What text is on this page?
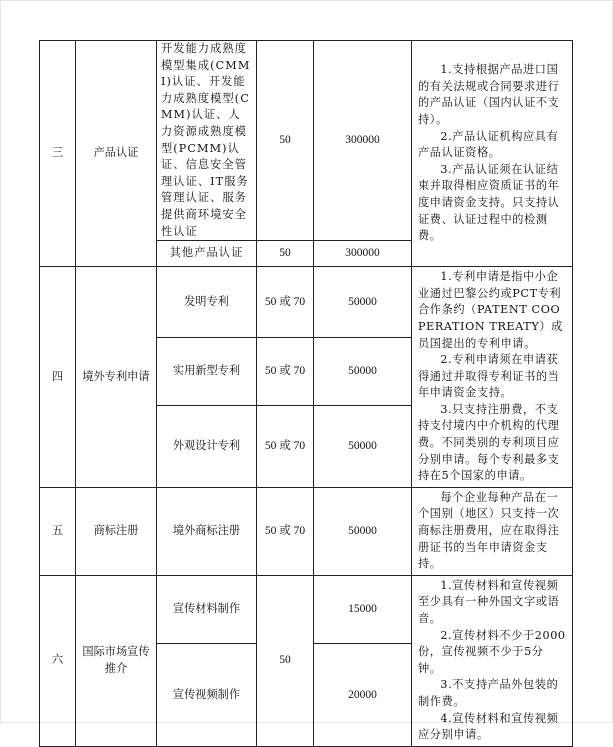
三	产品认证	开发能力成熟度模型集成(CMMI)认证、开发能力成熟度模型(CMM)认证、人力资源成熟度模型(PCMM)认证、信息安全管理认证、IT服务管理认证、服务提供商环境安全性认证	50	300000	1.支持根据产品进口国的有关法规或合同要求进行的产品认证（国内认证不支持）。
2.产品认证机构应具有产品认证资格。
3.产品认证须在认证结束并取得相应资质证书的年度申请资金支持。只支持认证费、认证过程中的检测费。

		其他产品认证	50	300000	
四	境外专利申请	发明专利	50 或 70	50000	1.专利申请是指中小企业通过巴黎公约或PCT专利合作条约（PATENT COOPERATION TREATY）成员国提出的专利申请。
2.专利申请须在申请获得通过并取得专利证书的当年申请资金支持。
3.只支持注册费，不支持支付境内中介机构的代理费。不同类别的专利项目应分别申请。每个专利最多支持在5个国家的申请。

		实用新型专利	50 或 70	50000	
		外观设计专利	50 或 70	50000	
五	商标注册	境外商标注册	50 或 70	50000	每个企业每种产品在一个国别（地区）只支持一次商标注册费用，应在取得注册证书的当年申请资金支持。

六	国际市场宣传推介	宣传材料制作	50	15000	1.宣传材料和宣传视频至少具有一种外国文字或语音。
2.宣传材料不少于2000份，宣传视频不少于5分钟。
3.不支持产品外包装的制作费。
4.宣传材料和宣传视频应分别申请。

		宣传视频制作		20000	
